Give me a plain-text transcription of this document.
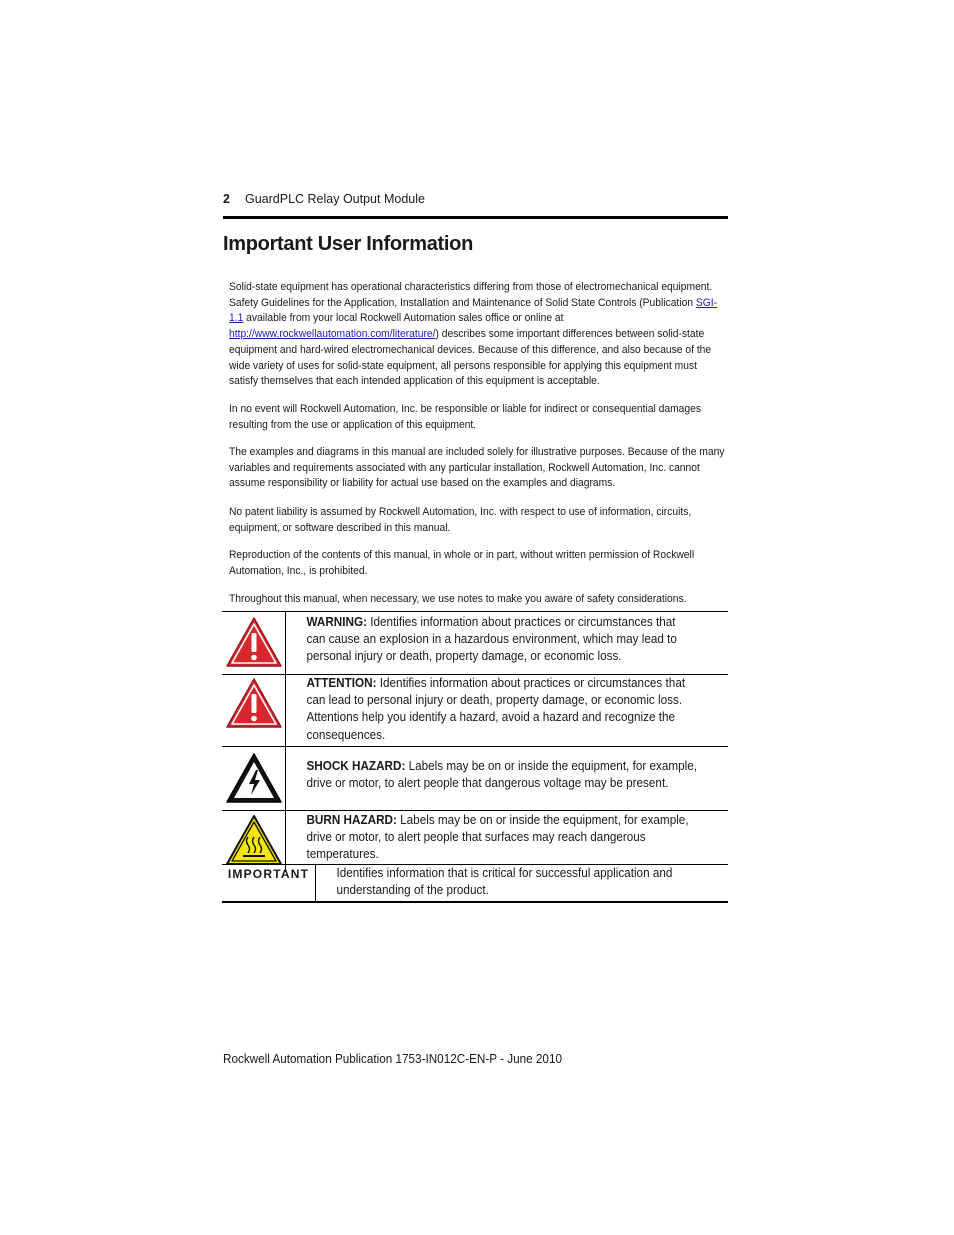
2 GuardPLC Relay Output Module
Important User Information
Solid-state equipment has operational characteristics differing from those of electromechanical equipment. Safety Guidelines for the Application, Installation and Maintenance of Solid State Controls (Publication SGI-1.1 available from your local Rockwell Automation sales office or online at http://www.rockwellautomation.com/literature/) describes some important differences between solid-state equipment and hard-wired electromechanical devices. Because of this difference, and also because of the wide variety of uses for solid-state equipment, all persons responsible for applying this equipment must satisfy themselves that each intended application of this equipment is acceptable.
In no event will Rockwell Automation, Inc. be responsible or liable for indirect or consequential damages resulting from the use or application of this equipment.
The examples and diagrams in this manual are included solely for illustrative purposes. Because of the many variables and requirements associated with any particular installation, Rockwell Automation, Inc. cannot assume responsibility or liability for actual use based on the examples and diagrams.
No patent liability is assumed by Rockwell Automation, Inc. with respect to use of information, circuits, equipment, or software described in this manual.
Reproduction of the contents of this manual, in whole or in part, without written permission of Rockwell Automation, Inc., is prohibited.
Throughout this manual, when necessary, we use notes to make you aware of safety considerations.

WARNING: Identifies information about practices or circumstances that can cause an explosion in a hazardous environment, which may lead to personal injury or death, property damage, or economic loss.

ATTENTION: Identifies information about practices or circumstances that can lead to personal injury or death, property damage, or economic loss. Attentions help you identify a hazard, avoid a hazard and recognize the consequences.

SHOCK HAZARD: Labels may be on or inside the equipment, for example, drive or motor, to alert people that dangerous voltage may be present.

BURN HAZARD: Labels may be on or inside the equipment, for example, drive or motor, to alert people that surfaces may reach dangerous temperatures.
IMPORTANT	Identifies information that is critical for successful application and understanding of the product.
Rockwell Automation Publication 1753-IN012C-EN-P - June 2010
